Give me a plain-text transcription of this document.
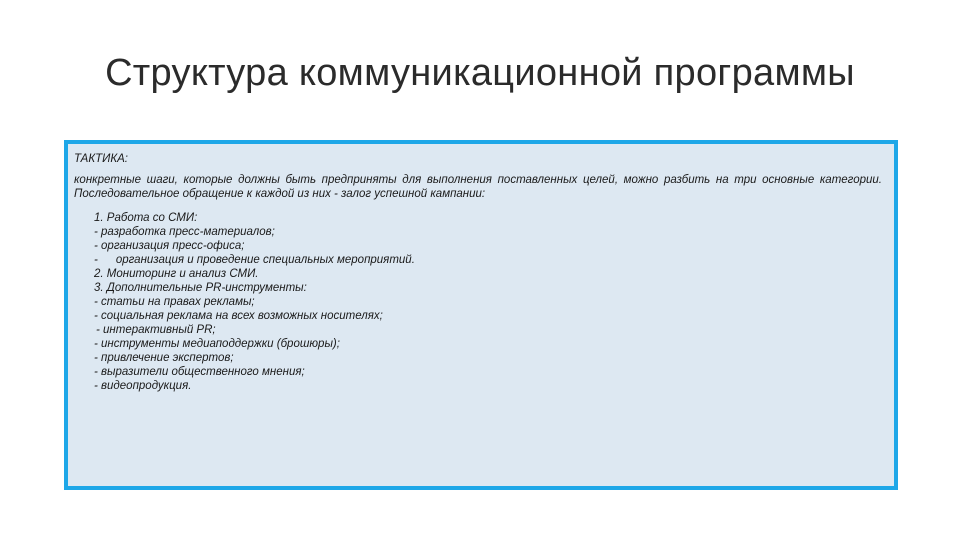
Структура коммуникационной программы
ТАКТИКА:
конкретные шаги, которые должны быть предприняты для выполнения поставленных целей, можно разбить на три основные категории. Последовательное обращение к каждой из них - залог успешной кампании:
1. Работа со СМИ:
- разработка пресс-материалов;
- организация пресс-офиса;
- организация и проведение специальных мероприятий.
2. Мониторинг и анализ СМИ.
3. Дополнительные PR-инструменты:
- статьи на правах рекламы;
- социальная реклама на всех возможных носителях;
- интерактивный PR;
- инструменты медиаподдержки (брошюры);
- привлечение экспертов;
- выразители общественного мнения;
- видеопродукция.
